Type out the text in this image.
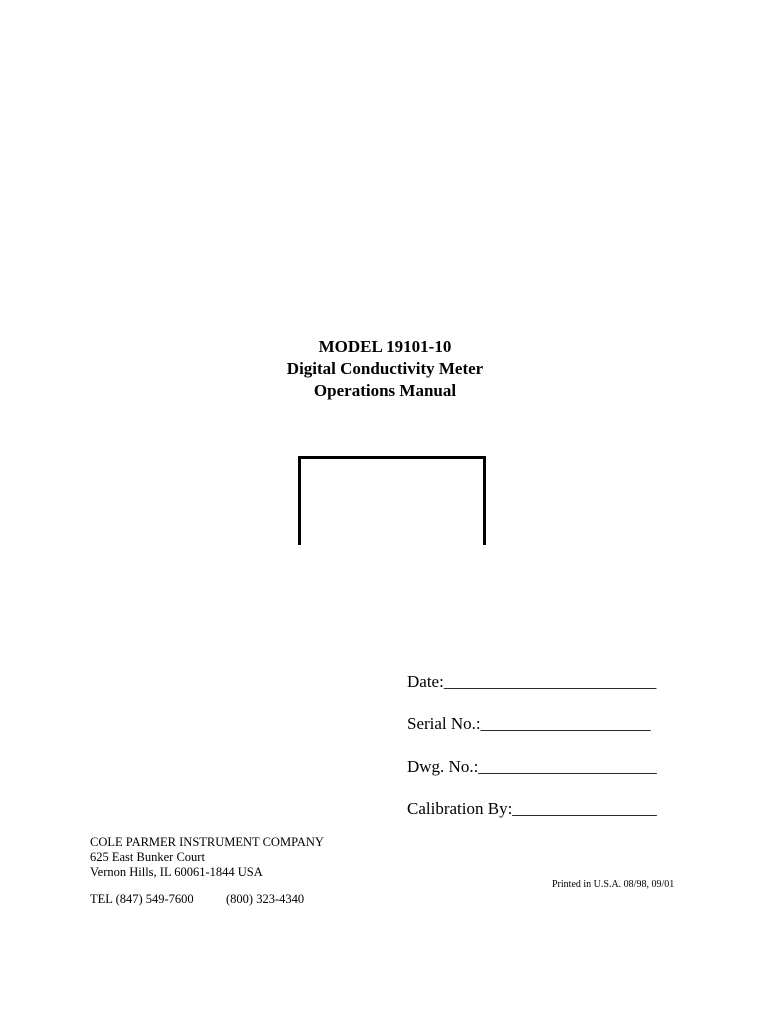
MODEL 19101-10
Digital Conductivity Meter
Operations Manual
Date:_________________________
Serial No.:____________________
Dwg. No.:_____________________
Calibration By:_________________
COLE PARMER INSTRUMENT COMPANY
625 East Bunker Court
Vernon Hills, IL 60061-1844 USA
TEL (847) 549-7600	(800) 323-4340
Printed in U.S.A. 08/98, 09/01
